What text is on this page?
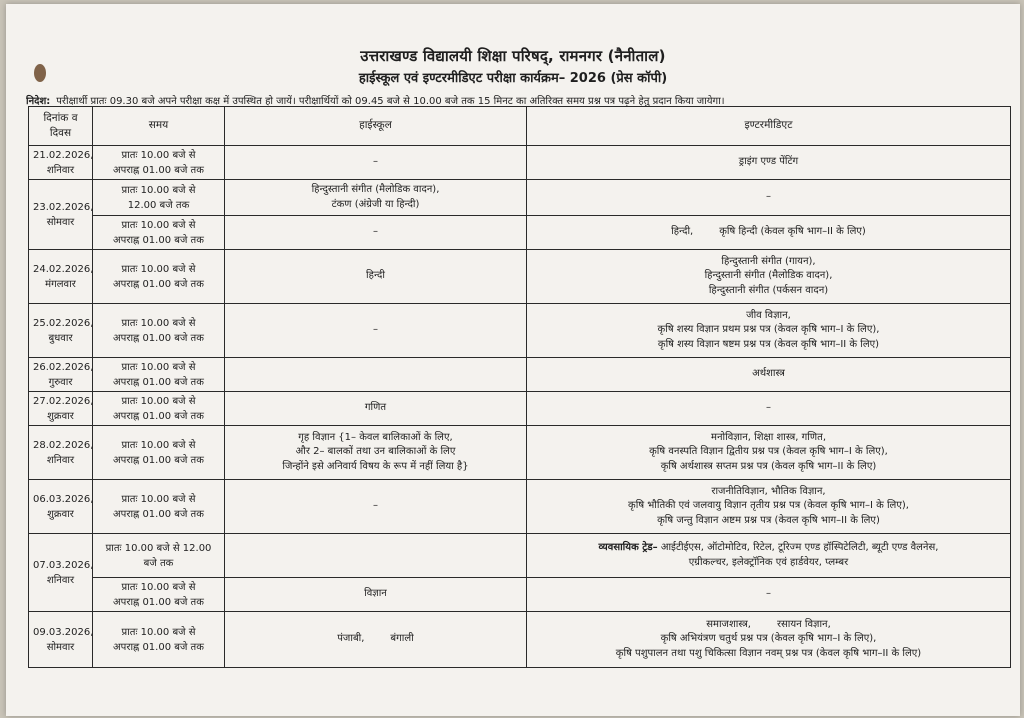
उत्तराखण्ड विद्यालयी शिक्षा परिषद्, रामनगर (नैनीताल)
हाईस्कूल एवं इण्टरमीडिएट परीक्षा कार्यक्रम– 2026 (प्रेस कॉपी)
निदेश: परीक्षार्थी प्रातः 09.30 बजे अपने परीक्षा कक्ष में उपस्थित हो जायें। परीक्षार्थियों को 09.45 बजे से 10.00 बजे तक 15 मिनट का अतिरिक्त समय प्रश्न पत्र पढ़ने हेतु प्रदान किया जायेगा।
दिनांक व दिवस	समय	हाईस्कूल	इण्टरमीडिएट
21.02.2026,
शनिवार	प्रातः 10.00 बजे से
अपराह्न 01.00 बजे तक	–	ड्राइंग एण्ड पेंटिंग
23.02.2026,
सोमवार	प्रातः 10.00 बजे से
12.00 बजे तक	हिन्दुस्तानी संगीत (मैलोडिक वादन),
टंकण (अंग्रेजी या हिन्दी)	–
	प्रातः 10.00 बजे से
अपराह्न 01.00 बजे तक	–	हिन्दी, कृषि हिन्दी (केवल कृषि भाग–II के लिए)
24.02.2026,
मंगलवार	प्रातः 10.00 बजे से
अपराह्न 01.00 बजे तक	हिन्दी	हिन्दुस्तानी संगीत (गायन),
हिन्दुस्तानी संगीत (मैलोडिक वादन),
हिन्दुस्तानी संगीत (पर्कसन वादन)
25.02.2026,
बुधवार	प्रातः 10.00 बजे से
अपराह्न 01.00 बजे तक	–	जीव विज्ञान,
कृषि शस्य विज्ञान प्रथम प्रश्न पत्र (केवल कृषि भाग–I के लिए),
कृषि शस्य विज्ञान षष्टम प्रश्न पत्र (केवल कृषि भाग–II के लिए)
26.02.2026,
गुरुवार	प्रातः 10.00 बजे से
अपराह्न 01.00 बजे तक		अर्थशास्त्र
27.02.2026,
शुक्रवार	प्रातः 10.00 बजे से
अपराह्न 01.00 बजे तक	गणित	–
28.02.2026,
शनिवार	प्रातः 10.00 बजे से
अपराह्न 01.00 बजे तक	गृह विज्ञान {1– केवल बालिकाओं के लिए,
और 2– बालकों तथा उन बालिकाओं के लिए
जिन्होंने इसे अनिवार्य विषय के रूप में नहीं लिया है}	मनोविज्ञान, शिक्षा शास्त्र, गणित,
कृषि वनस्पति विज्ञान द्वितीय प्रश्न पत्र (केवल कृषि भाग–I के लिए),
कृषि अर्थशास्त्र सप्तम प्रश्न पत्र (केवल कृषि भाग–II के लिए)
06.03.2026,
शुक्रवार	प्रातः 10.00 बजे से
अपराह्न 01.00 बजे तक	–	राजनीतिविज्ञान, भौतिक विज्ञान,
कृषि भौतिकी एवं जलवायु विज्ञान तृतीय प्रश्न पत्र (केवल कृषि भाग–I के लिए),
कृषि जन्तु विज्ञान अष्टम प्रश्न पत्र (केवल कृषि भाग–II के लिए)
07.03.2026,
शनिवार	प्रातः 10.00 बजे से 12.00
बजे तक		व्यवसायिक ट्रेड– आईटीईएस, ऑटोमोटिव, रिटेल, टूरिज्म एण्ड हॉस्पिटेलिटी, ब्यूटी एण्ड वैलनेस,
एग्रीकल्चर, इलेक्ट्रॉनिक एवं हार्डवेयर, प्लम्बर
	प्रातः 10.00 बजे से
अपराह्न 01.00 बजे तक	विज्ञान	–
09.03.2026,
सोमवार	प्रातः 10.00 बजे से
अपराह्न 01.00 बजे तक	पंजाबी, बंगाली	समाजशास्त्र, रसायन विज्ञान,
कृषि अभियंत्रण चतुर्थ प्रश्न पत्र (केवल कृषि भाग–I के लिए),
कृषि पशुपालन तथा पशु चिकित्सा विज्ञान नवम् प्रश्न पत्र (केवल कृषि भाग–II के लिए)
